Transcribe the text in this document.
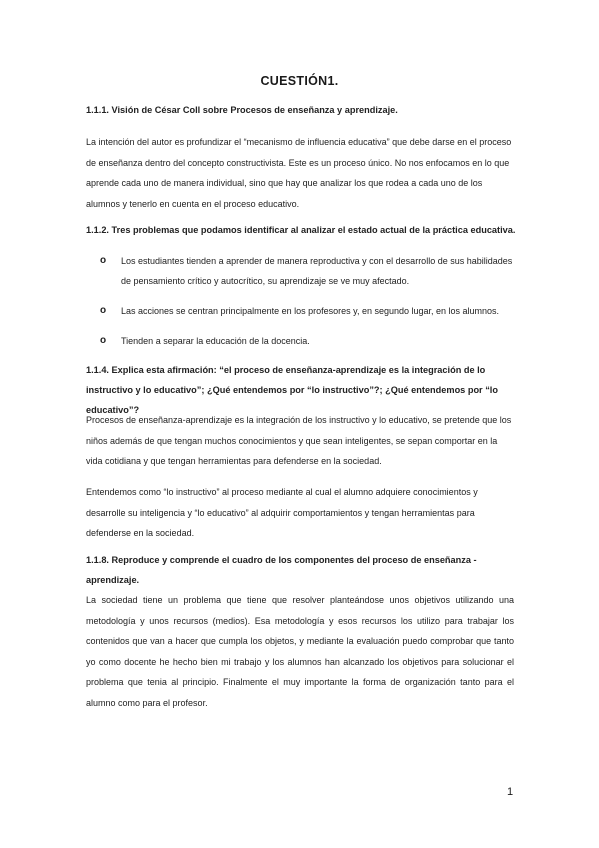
CUESTIÓN1.
1.1.1. Visión de César Coll sobre Procesos de enseñanza y aprendizaje.
La intención del autor es profundizar el “mecanismo de influencia educativa” que debe darse en el proceso de enseñanza dentro del concepto constructivista. Este es un proceso único. No nos enfocamos en lo que aprende cada uno de manera individual, sino que hay que analizar los que rodea a cada uno de los alumnos y tenerlo en cuenta en el proceso educativo.
1.1.2. Tres problemas que podamos identificar al analizar el estado actual de la práctica educativa.
o Los estudiantes tienden a aprender de manera reproductiva y con el desarrollo de sus habilidades de pensamiento crítico y autocrítico, su aprendizaje se ve muy afectado.
o Las acciones se centran principalmente en los profesores y, en segundo lugar, en los alumnos.
o Tienden a separar la educación de la docencia.
1.1.4. Explica esta afirmación: “el proceso de enseñanza-aprendizaje es la integración de lo instructivo y lo educativo”; ¿Qué entendemos por “lo instructivo”?; ¿Qué entendemos por “lo educativo”?
Procesos de enseñanza-aprendizaje es la integración de los instructivo y lo educativo, se pretende que los niños además de que tengan muchos conocimientos y que sean inteligentes, se sepan comportar en la vida cotidiana y que tengan herramientas para defenderse en la sociedad.
Entendemos como “lo instructivo” al proceso mediante al cual el alumno adquiere conocimientos y desarrolle su inteligencia y “lo educativo” al adquirir comportamientos y tengan herramientas para defenderse en la sociedad.
1.1.8. Reproduce y comprende el cuadro de los componentes del proceso de enseñanza - aprendizaje.
La sociedad tiene un problema que tiene que resolver planteándose unos objetivos utilizando una metodología y unos recursos (medios). Esa metodología y esos recursos los utilizo para trabajar los contenidos que van a hacer que cumpla los objetos, y mediante la evaluación puedo comprobar que tanto yo como docente he hecho bien mi trabajo y los alumnos han alcanzado los objetivos para solucionar el problema que tenia al principio. Finalmente el muy importante la forma de organización tanto para el alumno como para el profesor.
1
